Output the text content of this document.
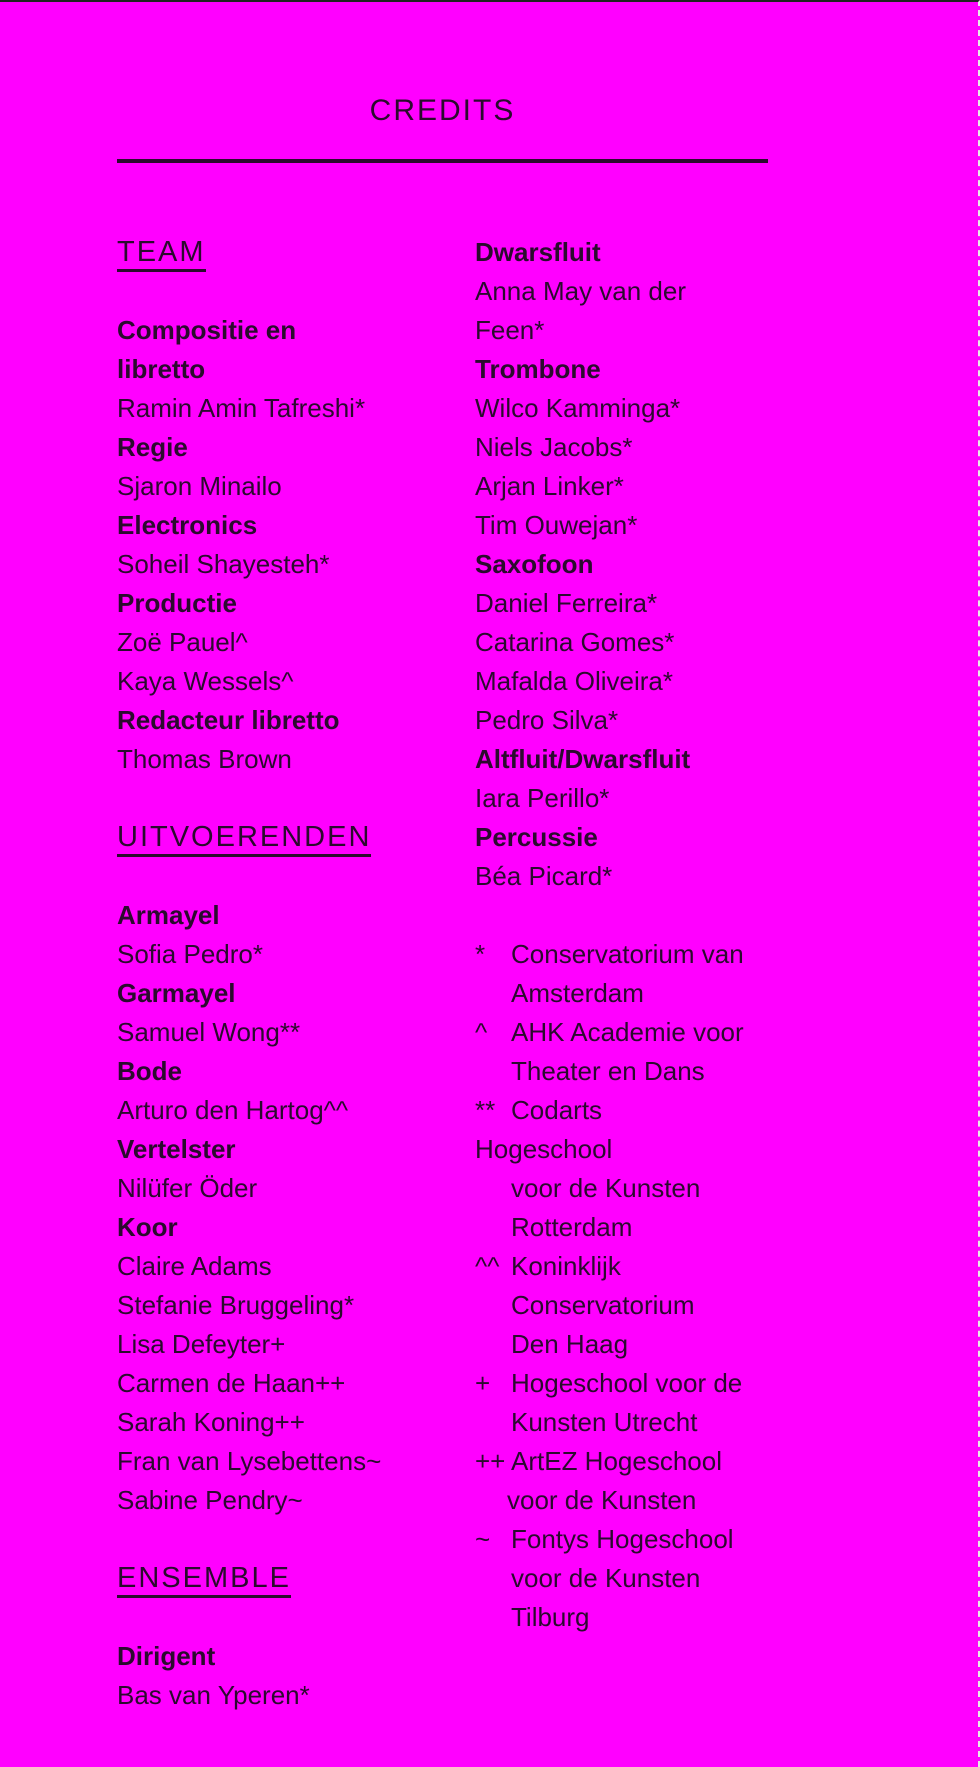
CREDITS
TEAM
Compositie en
libretto
Ramin Amin Tafreshi*
Regie
Sjaron Minailo
Electronics
Soheil Shayesteh*
Productie
Zoë Pauel^
Kaya Wessels^
Redacteur libretto
Thomas Brown
UITVOERENDEN
Armayel
Sofia Pedro*
Garmayel
Samuel Wong**
Bode
Arturo den Hartog^^
Vertelster
Nilüfer Öder
Koor
Claire Adams
Stefanie Bruggeling*
Lisa Defeyter+
Carmen de Haan++
Sarah Koning++
Fran van Lysebettens~
Sabine Pendry~
ENSEMBLE
Dirigent
Bas van Yperen*
Dwarsfluit
Anna May van der
Feen*
Trombone
Wilco Kamminga*
Niels Jacobs*
Arjan Linker*
Tim Ouwejan*
Saxofoon
Daniel Ferreira*
Catarina Gomes*
Mafalda Oliveira*
Pedro Silva*
Altfluit/Dwarsfluit
Iara Perillo*
Percussie
Béa Picard*
* Conservatorium van
Amsterdam
^ AHK Academie voor
Theater en Dans
** Codarts
Hogeschool
voor de Kunsten
Rotterdam
^^ Koninklijk
Conservatorium
Den Haag
+ Hogeschool voor de
Kunsten Utrecht
++ ArtEZ Hogeschool
voor de Kunsten
~ Fontys Hogeschool
voor de Kunsten
Tilburg
